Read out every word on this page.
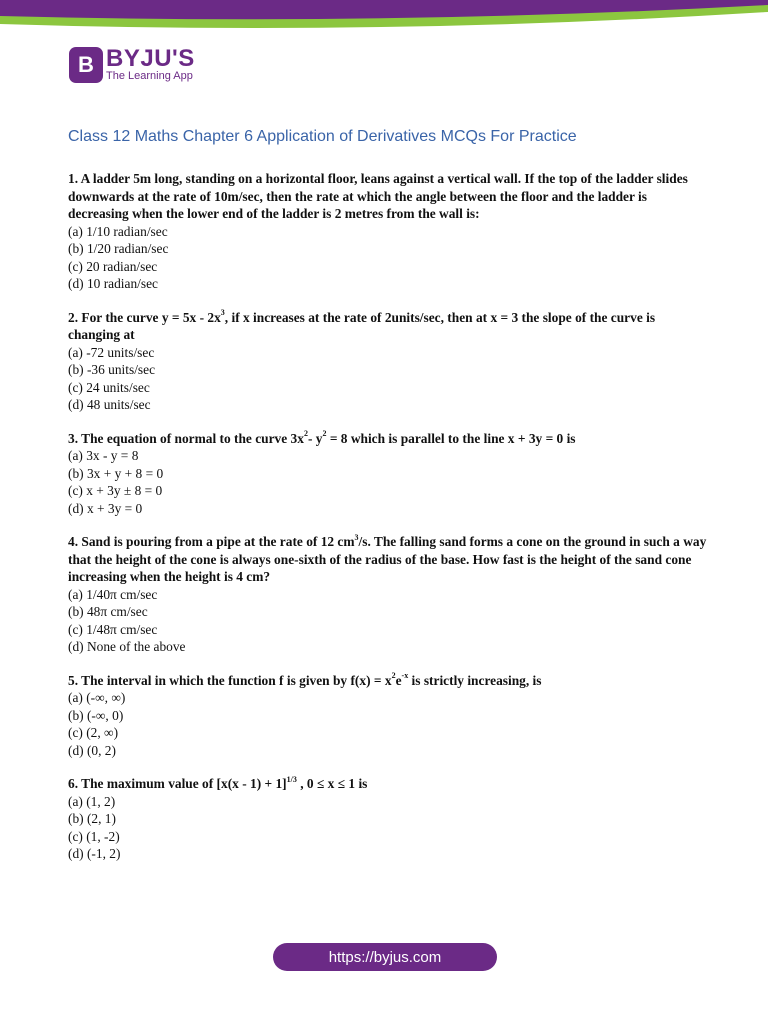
B BYJU'S
The Learning App
Class 12 Maths Chapter 6 Application of Derivatives MCQs For Practice
1. A ladder 5m long, standing on a horizontal floor, leans against a vertical wall. If the top of the ladder slides downwards at the rate of 10m/sec, then the rate at which the angle between the floor and the ladder is decreasing when the lower end of the ladder is 2 metres from the wall is:
(a) 1/10 radian/sec
(b) 1/20 radian/sec
(c) 20 radian/sec
(d) 10 radian/sec
2. For the curve $y = 5x - 2x^3$, if x increases at the rate of 2units/sec, then at x = 3 the slope of the curve is changing at
(a) -72 units/sec
(b) -36 units/sec
(c) 24 units/sec
(d) 48 units/sec
3. The equation of normal to the curve $3x^2-$ $y^2 = 8$ which is parallel to the line x + 3y = 0 is
(a) 3x - y = 8
(b) 3x + y + 8 = 0
(c) x + 3y ± 8 = 0
(d) x + 3y = 0
4. Sand is pouring from a pipe at the rate of 12 $cm^3/s$. The falling sand forms a cone on the ground in such a way that the height of the cone is always one-sixth of the radius of the base. How fast is the height of the sand cone increasing when the height is 4 cm?
(a) 1/40π cm/sec
(b) 48π cm/sec
(c) 1/48π cm/sec
(d) None of the above
5. The interval in which the function f is given by $f(x) = x^2e^{-x}$ is strictly increasing, is
(a) (-∞, ∞)
(b) (-∞, 0)
(c) (2, ∞)
(d) (0, 2)
6. The maximum value of $[x(x - 1) + 1]^{1/3}$ , 0 ≤ x ≤ 1 is
(a) (1, 2)
(b) (2, 1)
(c) (1, -2)
(d) (-1, 2)
https://byjus.com
